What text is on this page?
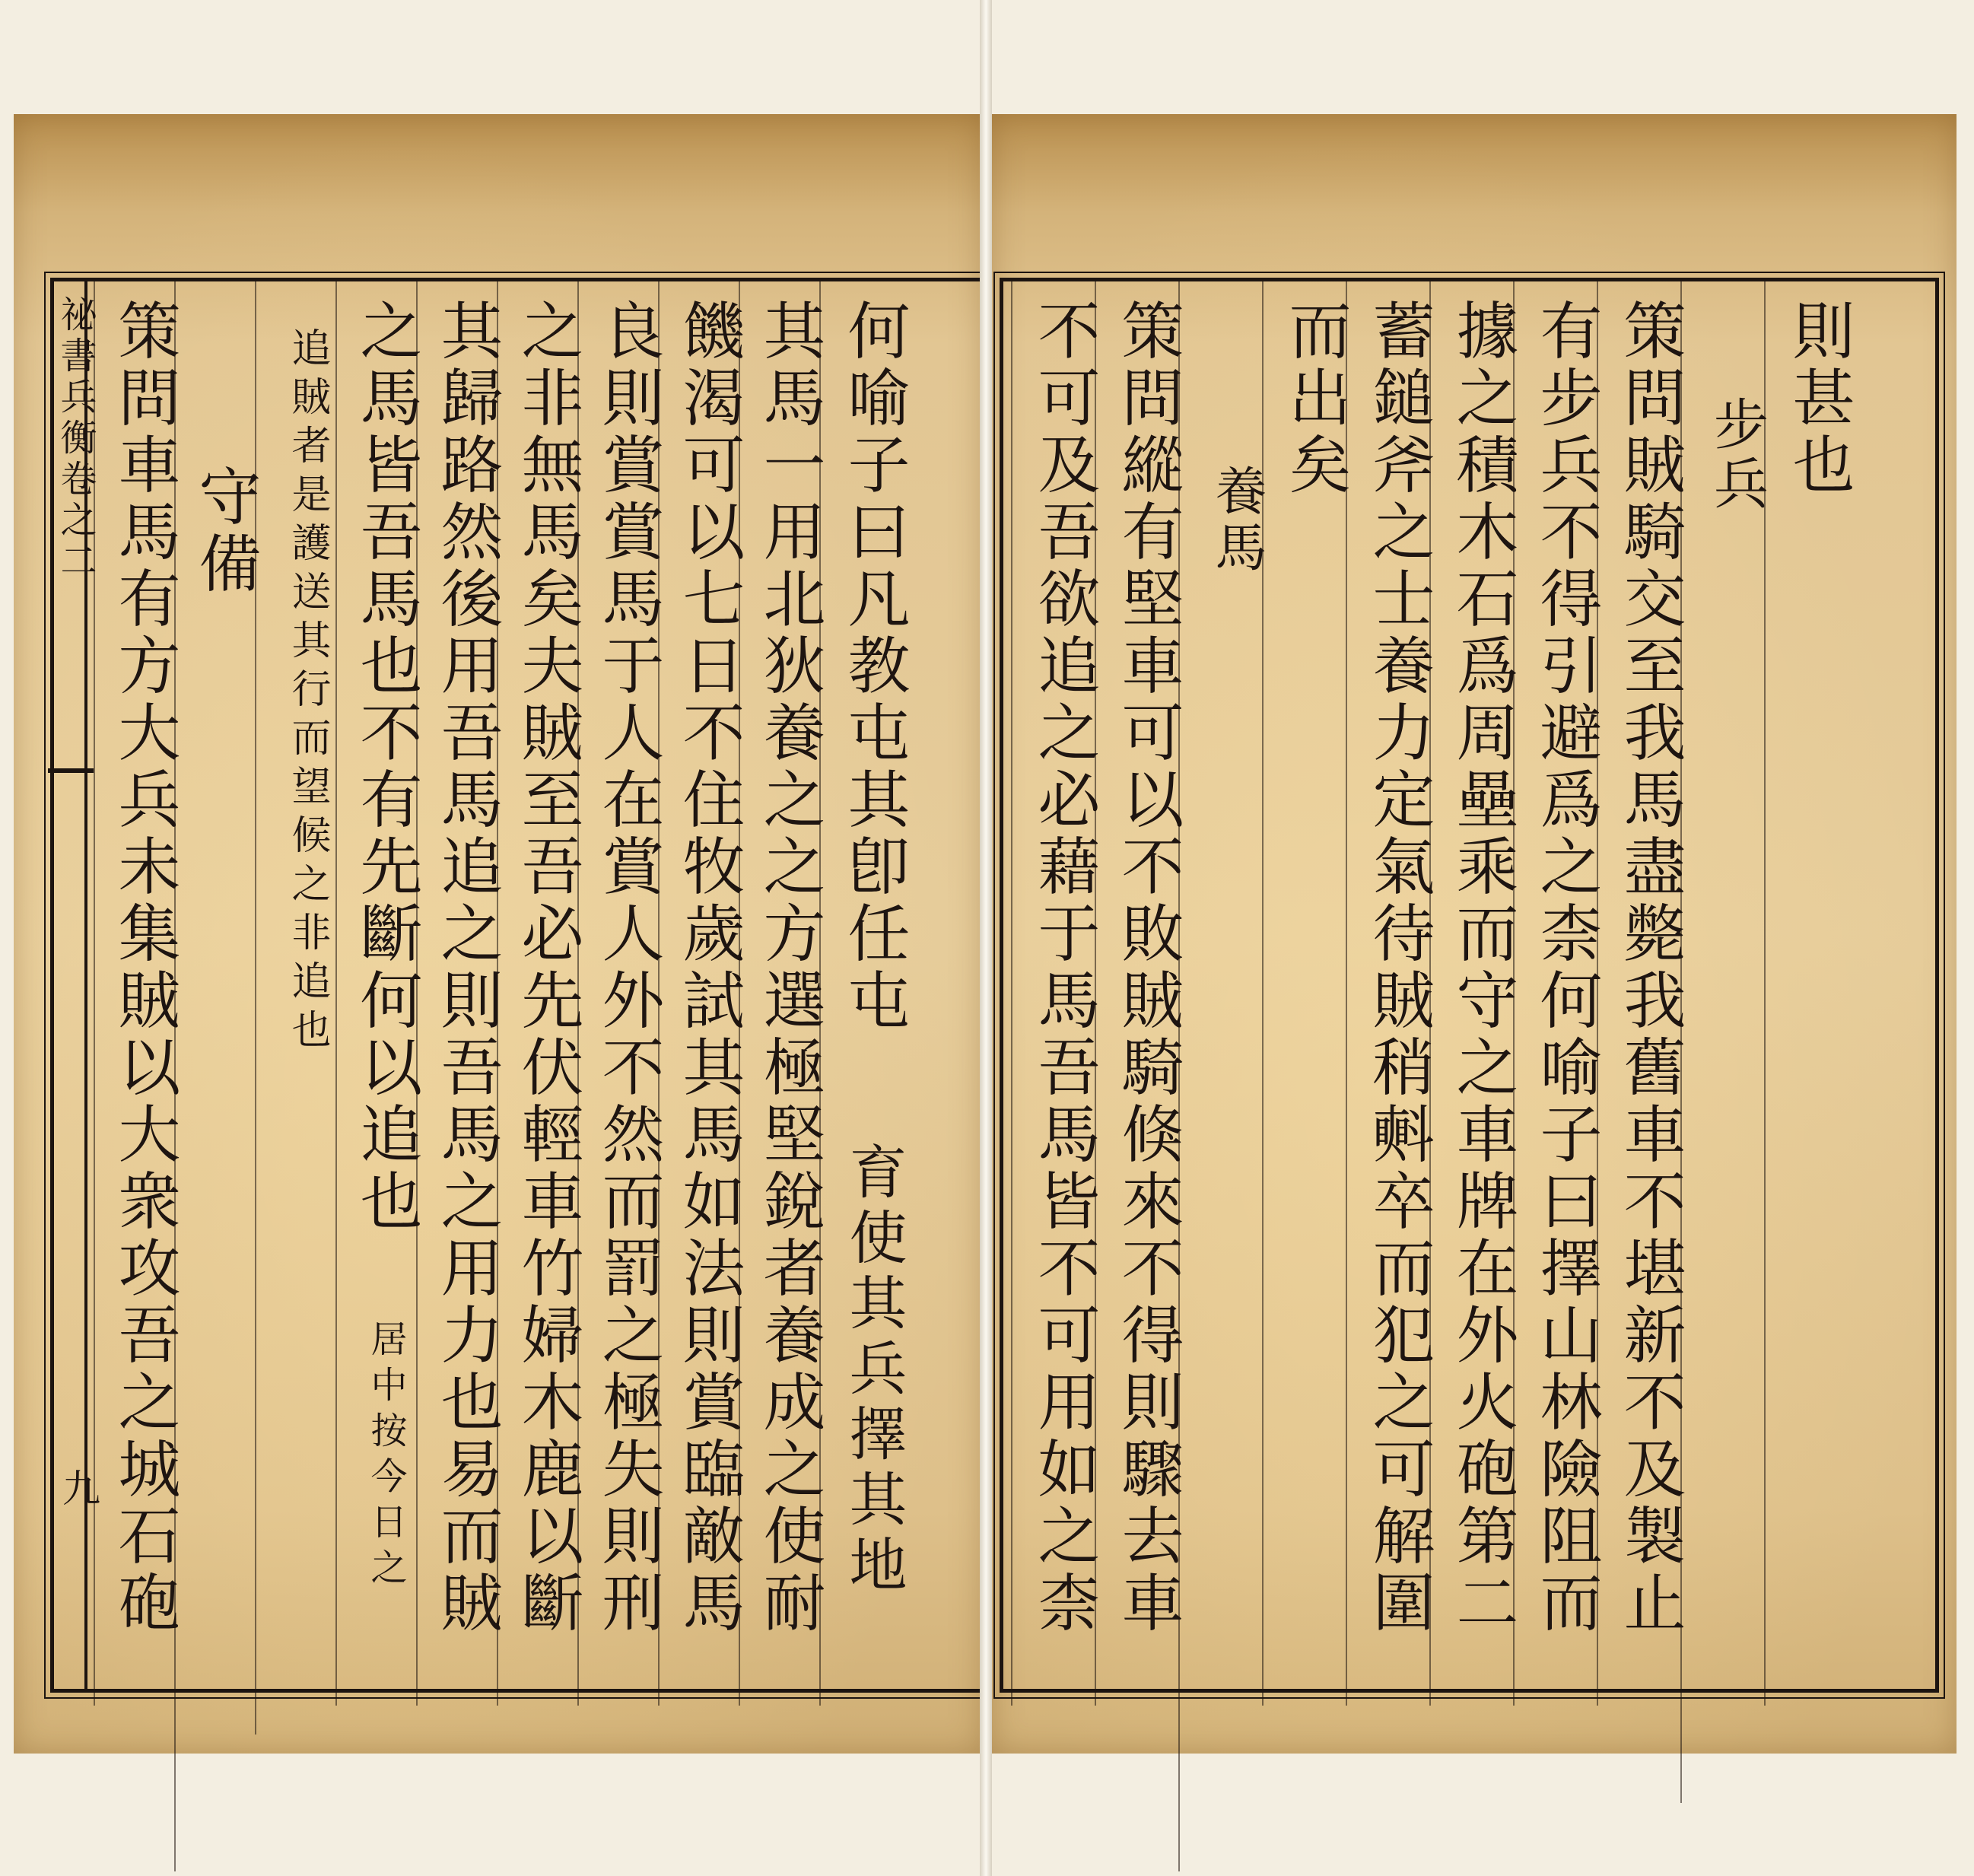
祕書兵衡卷之二
九 策問車馬有方大兵未集賊以大衆攻吾之城石砲 守備 追賊者是護送其行而望候之非追也 之馬皆吾馬也不有先斷何以追也 居中按今日之 其歸路然後用吾馬追之則吾馬之用力也易而賊 之非無馬矣夫賊至吾必先伏輕車竹婦木鹿以斷 良則賞賞馬于人在賞人外不然而罰之極失則刑 饑渴可以七日不住牧歲試其馬如法則賞臨敵馬 其馬一用北狄養之之方選極堅銳者養成之使耐 何喻子曰凡教屯其卽任屯 育使其兵擇其地 不可及吾欲追之必藉于馬吾馬皆不可用如之柰 策問縱有堅車可以不敗賊騎倏來不得則驟去車 養馬
而出矣 蓄鎚斧之士養力定氣待賊稍㪺卒而犯之可解圍 據之積木石爲周壘乘而守之車牌在外火砲第二 有步兵不得引避爲之柰何喻子曰擇山林險阻而 策問賊騎交至我馬盡斃我舊車不堪新不及製止 步兵 則甚也
